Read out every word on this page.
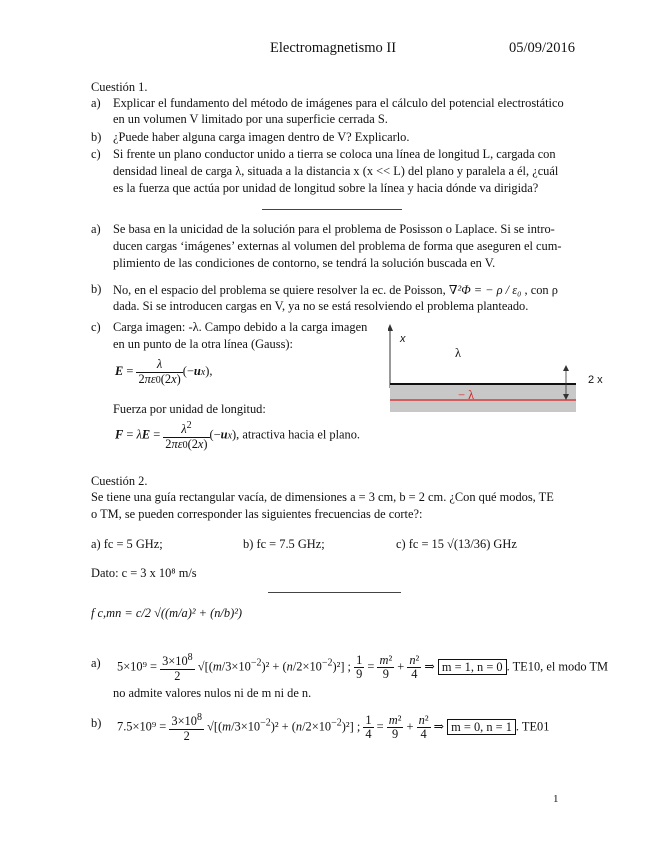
Electromagnetismo II	05/09/2016
Cuestión 1.
a) Explicar el fundamento del método de imágenes para el cálculo del potencial electrostático
en un volumen V limitado por una superficie cerrada S.
b) ¿Puede haber alguna carga imagen dentro de V? Explicarlo.
c) Si frente un plano conductor unido a tierra se coloca una línea de longitud L, cargada con
densidad lineal de carga λ, situada a la distancia x (x << L) del plano y paralela a él, ¿cuál
es la fuerza que actúa por unidad de longitud sobre la línea y hacia dónde va dirigida?
a) Se basa en la unicidad de la solución para el problema de Posisson o Laplace. Si se intro-
ducen cargas ‘imágenes’ externas al volumen del problema de forma que aseguren el cum-
plimiento de las condiciones de contorno, se tendrá la solución buscada en V.
b) No, en el espacio del problema se quiere resolver la ec. de Poisson, ∇²Φ = − ρ / ε₀ , con ρ
dada. Si se introducen cargas en V, ya no se está resolviendo el problema planteado.
c) Carga imagen: -λ. Campo debido a la carga imagen
en un punto de la otra línea (Gauss):
$E = \frac{\lambda}{2\pi\varepsilon 0(2x)} (-ux)$,
Fuerza por unidad de longitud:
$F = \lambda E = \frac{\lambda^2}{2\pi\varepsilon 0(2x)} (-ux)$, atractiva hacia el plano.
x
λ
− λ
2 x
Cuestión 2.
Se tiene una guía rectangular vacía, de dimensiones a = 3 cm, b = 2 cm. ¿Con qué modos, TE
o TM, se pueden corresponder las siguientes frecuencias de corte?:
a) fc = 5 GHz;	b) fc = 7.5 GHz;	c) fc = 15 √(13/36) GHz
Dato: c = 3 x 10⁸ m/s
f c,mn = c/2 √((m/a)² + (n/b)²)
a) $5\times 10^9 = \frac{3\times 10^8}{2} √[(m/3\times 10^{-2})^2 + (n/2\times 10^{-2})^2]$ ; $\frac{1}{9} = \frac{\text{m²}}{9} + \frac{\text{n²}}{4}$ ⇒ m = 1, n = 0 . TE10, el modo TM
no admite valores nulos ni de m ni de n.
b) $7.5\times 10^9 = \frac{3\times 10^8}{2} √[(m/3\times 10^{-2})^2 + (n/2\times 10^{-2})^2]$ ; $\frac{1}{4} = \frac{\text{m²}}{9} + \frac{\text{n²}}{4}$ ⇒ m = 0, n = 1 . TE01
1
